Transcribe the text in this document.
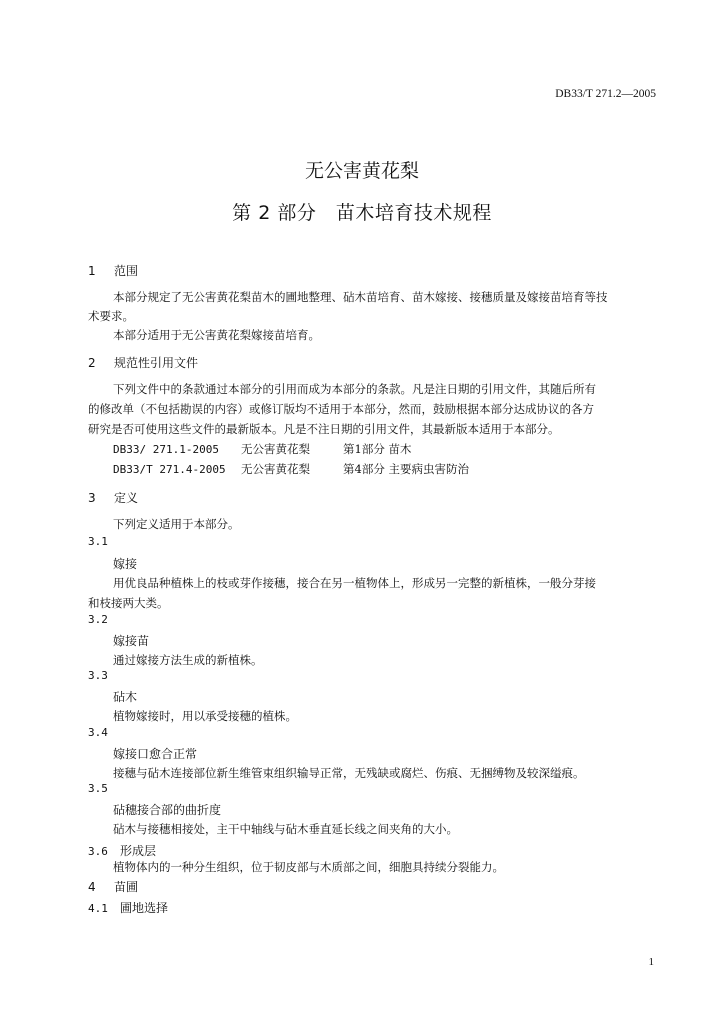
DB33/T 271.2—2005
无公害黄花梨
第 2 部分　苗木培育技术规程
1 范围
本部分规定了无公害黄花梨苗木的圃地整理、砧木苗培育、苗木嫁接、接穗质量及嫁接苗培育等技
术要求。
本部分适用于无公害黄花梨嫁接苗培育。
2 规范性引用文件
下列文件中的条款通过本部分的引用而成为本部分的条款。凡是注日期的引用文件，其随后所有
的修改单（不包括勘误的内容）或修订版均不适用于本部分，然而，鼓励根据本部分达成协议的各方
研究是否可使用这些文件的最新版本。凡是不注日期的引用文件，其最新版本适用于本部分。
DB33/ 271.1-2005 无公害黄花梨	第1部分 苗木
DB33/T 271.4-2005 无公害黄花梨	第4部分 主要病虫害防治
3 定义
下列定义适用于本部分。
3.1
嫁接
用优良品种植株上的枝或芽作接穗，接合在另一植物体上，形成另一完整的新植株，一般分芽接
和枝接两大类。
3.2
嫁接苗
通过嫁接方法生成的新植株。
3.3
砧木
植物嫁接时，用以承受接穗的植株。
3.4
嫁接口愈合正常
接穗与砧木连接部位新生维管束组织输导正常，无残缺或腐烂、伤痕、无捆缚物及较深缢痕。
3.5
砧穗接合部的曲折度
砧木与接穗相接处，主干中轴线与砧木垂直延长线之间夹角的大小。
3.6 形成层
植物体内的一种分生组织，位于韧皮部与木质部之间，细胞具持续分裂能力。
4 苗圃
4.1 圃地选择
1
